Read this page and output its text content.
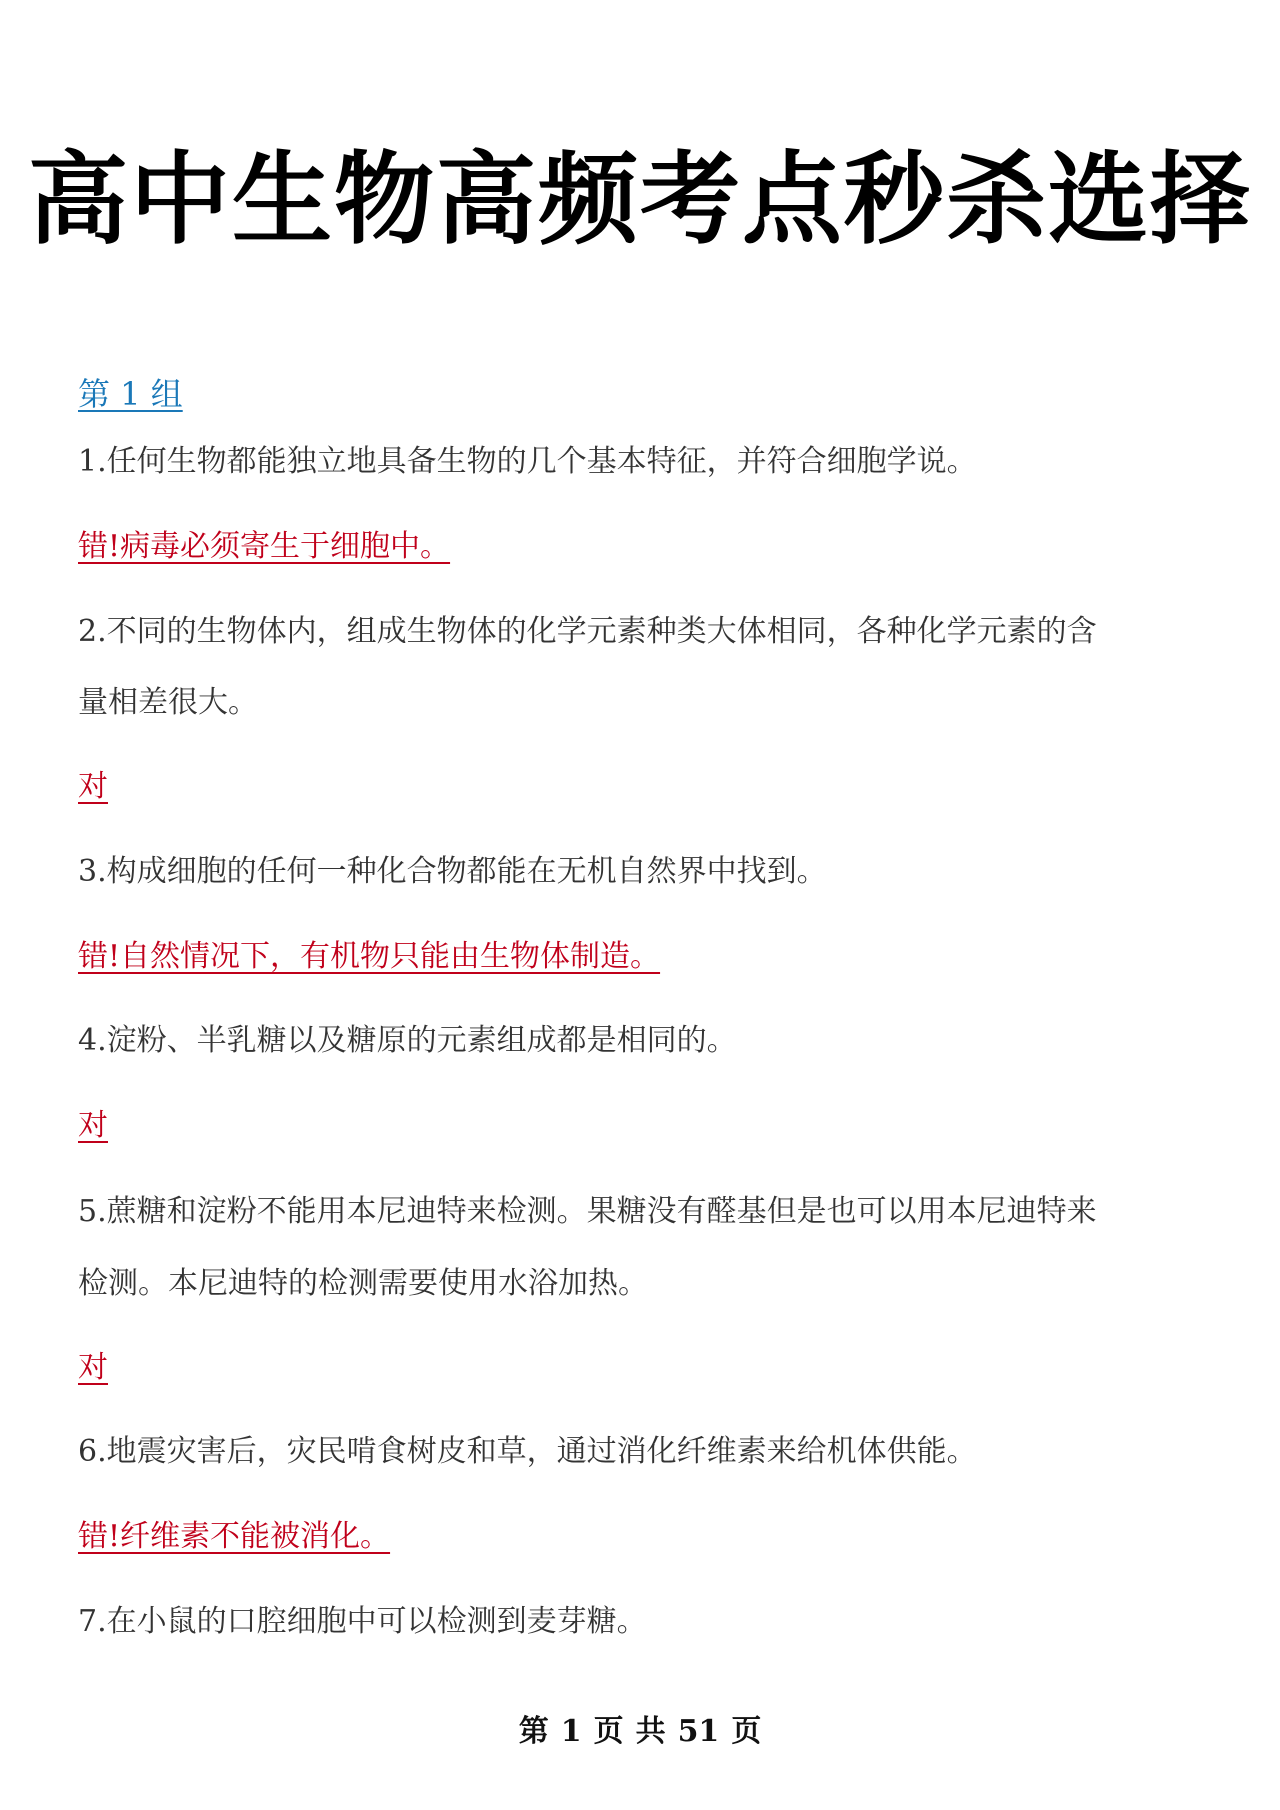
高中生物高频考点秒杀选择
第 1 组
1.任何生物都能独立地具备生物的几个基本特征，并符合细胞学说。
错!病毒必须寄生于细胞中。
2.不同的生物体内，组成生物体的化学元素种类大体相同，各种化学元素的含
量相差很大。
对
3.构成细胞的任何一种化合物都能在无机自然界中找到。
错!自然情况下，有机物只能由生物体制造。
4.淀粉、半乳糖以及糖原的元素组成都是相同的。
对
5.蔗糖和淀粉不能用本尼迪特来检测。果糖没有醛基但是也可以用本尼迪特来
检测。本尼迪特的检测需要使用水浴加热。
对
6.地震灾害后，灾民啃食树皮和草，通过消化纤维素来给机体供能。
错!纤维素不能被消化。
7.在小鼠的口腔细胞中可以检测到麦芽糖。
第 1 页 共 51 页
